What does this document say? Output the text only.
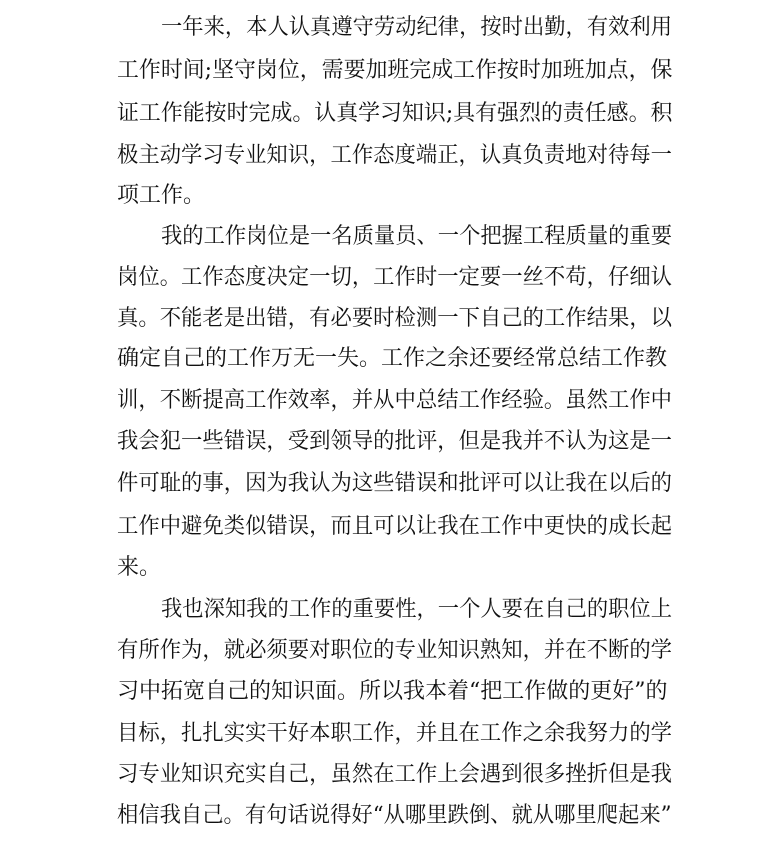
一年来，本人认真遵守劳动纪律，按时出勤，有效利用
工作时间;坚守岗位，需要加班完成工作按时加班加点，保
证工作能按时完成。认真学习知识;具有强烈的责任感。积
极主动学习专业知识，工作态度端正，认真负责地对待每一
项工作。
我的工作岗位是一名质量员、一个把握工程质量的重要
岗位。工作态度决定一切，工作时一定要一丝不苟，仔细认
真。不能老是出错，有必要时检测一下自己的工作结果，以
确定自己的工作万无一失。工作之余还要经常总结工作教
训，不断提高工作效率，并从中总结工作经验。虽然工作中
我会犯一些错误，受到领导的批评，但是我并不认为这是一
件可耻的事，因为我认为这些错误和批评可以让我在以后的
工作中避免类似错误，而且可以让我在工作中更快的成长起
来。
我也深知我的工作的重要性，一个人要在自己的职位上
有所作为，就必须要对职位的专业知识熟知，并在不断的学
习中拓宽自己的知识面。所以我本着“把工作做的更好”的
目标，扎扎实实干好本职工作，并且在工作之余我努力的学
习专业知识充实自己，虽然在工作上会遇到很多挫折但是我
相信我自己。有句话说得好“从哪里跌倒、就从哪里爬起来”
